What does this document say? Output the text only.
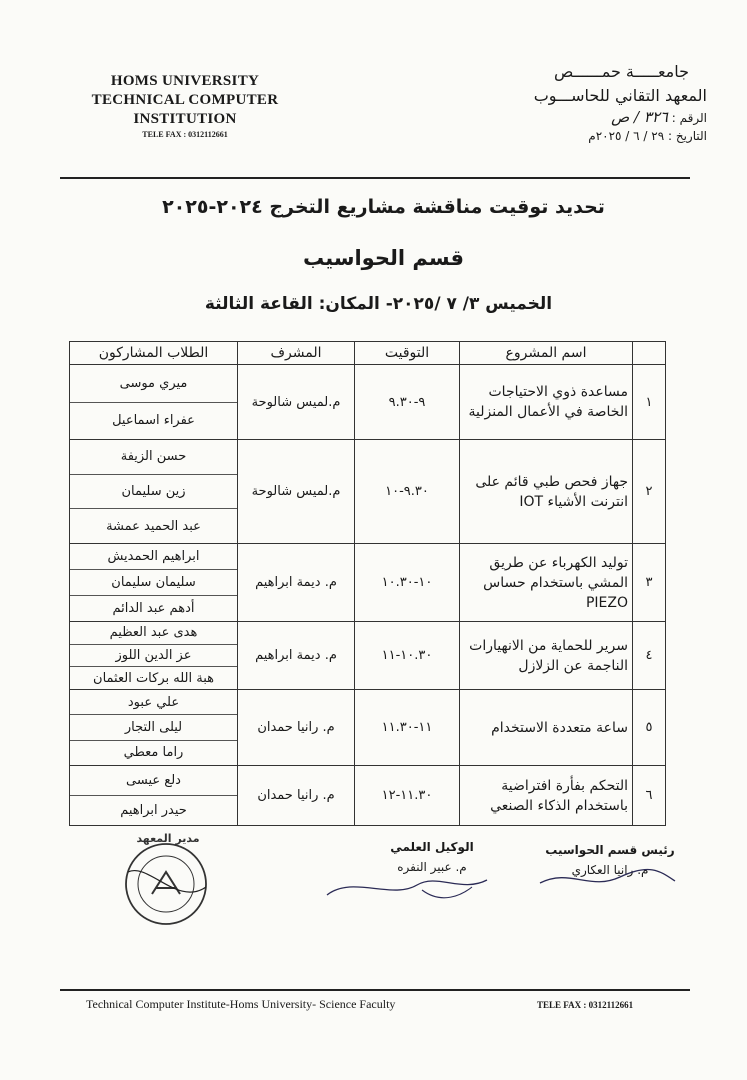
HOMS UNIVERSITY
TECHNICAL COMPUTER
INSTITUTION
TELE FAX : 0312112661
جامعـــــة حمــــــص
المعهد التقاني للحاســـوب
الرقم : ٣٢٦ / ص
التاريخ : ٢٩ / ٦ / ٢٠٢٥م
تحديد توقيت مناقشة مشاريع التخرج ٢٠٢٤-٢٠٢٥
قسم الحواسيب
الخميس ٣/ ٧ /٢٠٢٥- المكان: القاعة الثالثة
	اسم المشروع	التوقيت	المشرف	الطلاب المشاركون
١	مساعدة ذوي الاحتياجات الخاصة في الأعمال المنزلية	٩-٩.٣٠	م.لميس شالوحة	ميري موسى
عفراء اسماعيل

٢	جهاز فحص طبي قائم على انترنت الأشياء IOT	٩.٣٠-١٠	م.لميس شالوحة	حسن الزيفة
زين سليمان
عبد الحميد عمشة

٣	توليد الكهرباء عن طريق المشي باستخدام حساس PIEZO	١٠-١٠.٣٠	م. ديمة ابراهيم	ابراهيم الحمديش
سليمان سليمان
أدهم عبد الدائم

٤	سرير للحماية من الانهيارات الناجمة عن الزلازل	١٠.٣٠-١١	م. ديمة ابراهيم	هدى عبد العظيم
عز الدين اللوز
هبة الله بركات العثمان

٥	ساعة متعددة الاستخدام	١١-١١.٣٠	م. رانيا حمدان	علي عبود
ليلى التجار
راما معطي

٦	التحكم بفأرة افتراضية باستخدام الذكاء الصنعي	١١.٣٠-١٢	م. رانيا حمدان	دلع عيسى
حيدر ابراهيم
رئيس قسم الحواسيب
م. رانيا العكاري
الوكيل العلمي
م. عبير النفره
مدير المعهد
Technical Computer Institute-Homs University- Science Faculty	TELE FAX : 0312112661
